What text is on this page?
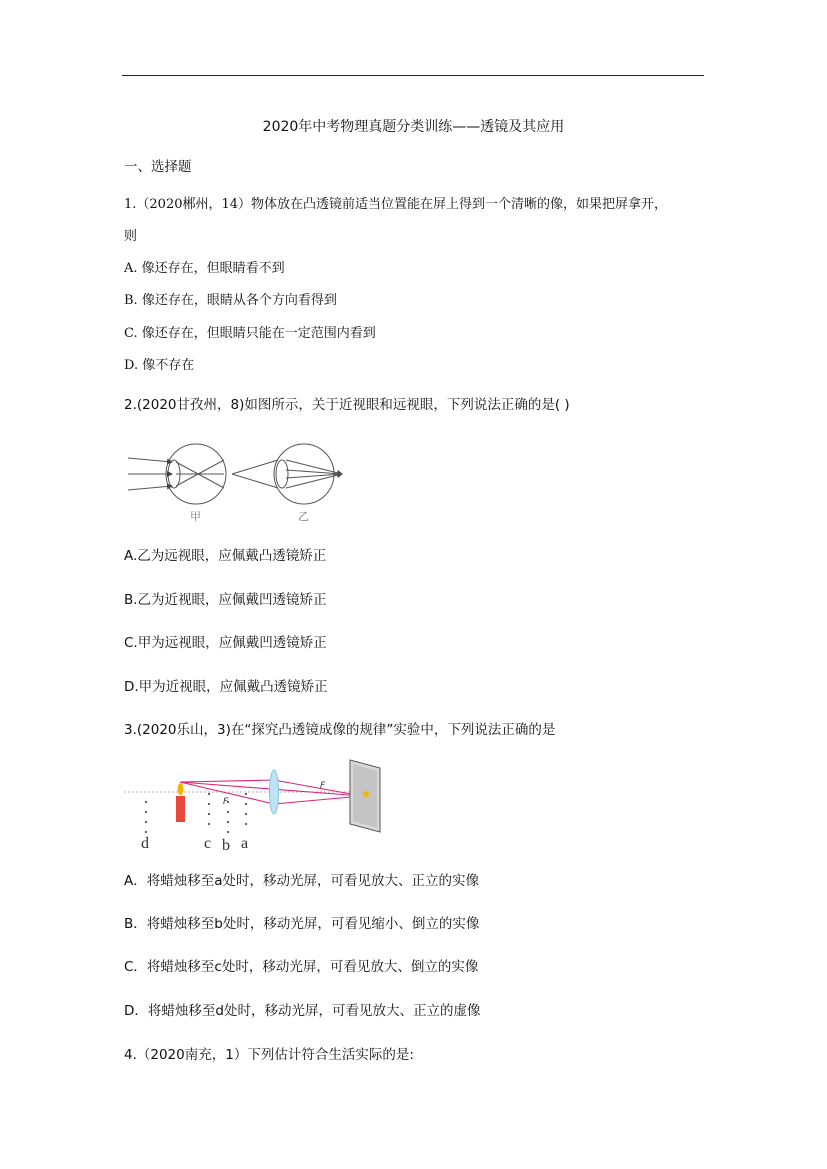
2020年中考物理真题分类训练——透镜及其应用
一、选择题
1.（2020郴州，14）物体放在凸透镜前适当位置能在屏上得到一个清晰的像，如果把屏拿开，
则
A. 像还存在，但眼睛看不到
B. 像还存在，眼睛从各个方向看得到
C. 像还存在，但眼睛只能在一定范围内看到
D. 像不存在
2.(2020甘孜州，8)如图所示，关于近视眼和远视眼，下列说法正确的是( )
甲	乙
A.乙为远视眼，应佩戴凸透镜矫正
B.乙为近视眼，应佩戴凹透镜矫正
C.甲为远视眼，应佩戴凹透镜矫正
D.甲为近视眼，应佩戴凸透镜矫正
3.(2020乐山，3)在“探究凸透镜成像的规律”实验中，下列说法正确的是
F
F
d	c b a
A．将蜡烛移至a处时，移动光屏，可看见放大、正立的实像
B．将蜡烛移至b处时，移动光屏，可看见缩小、倒立的实像
C．将蜡烛移至c处时，移动光屏，可看见放大、倒立的实像
D．将蜡烛移至d处时，移动光屏，可看见放大、正立的虚像
4.（2020南充，1）下列估计符合生活实际的是:
